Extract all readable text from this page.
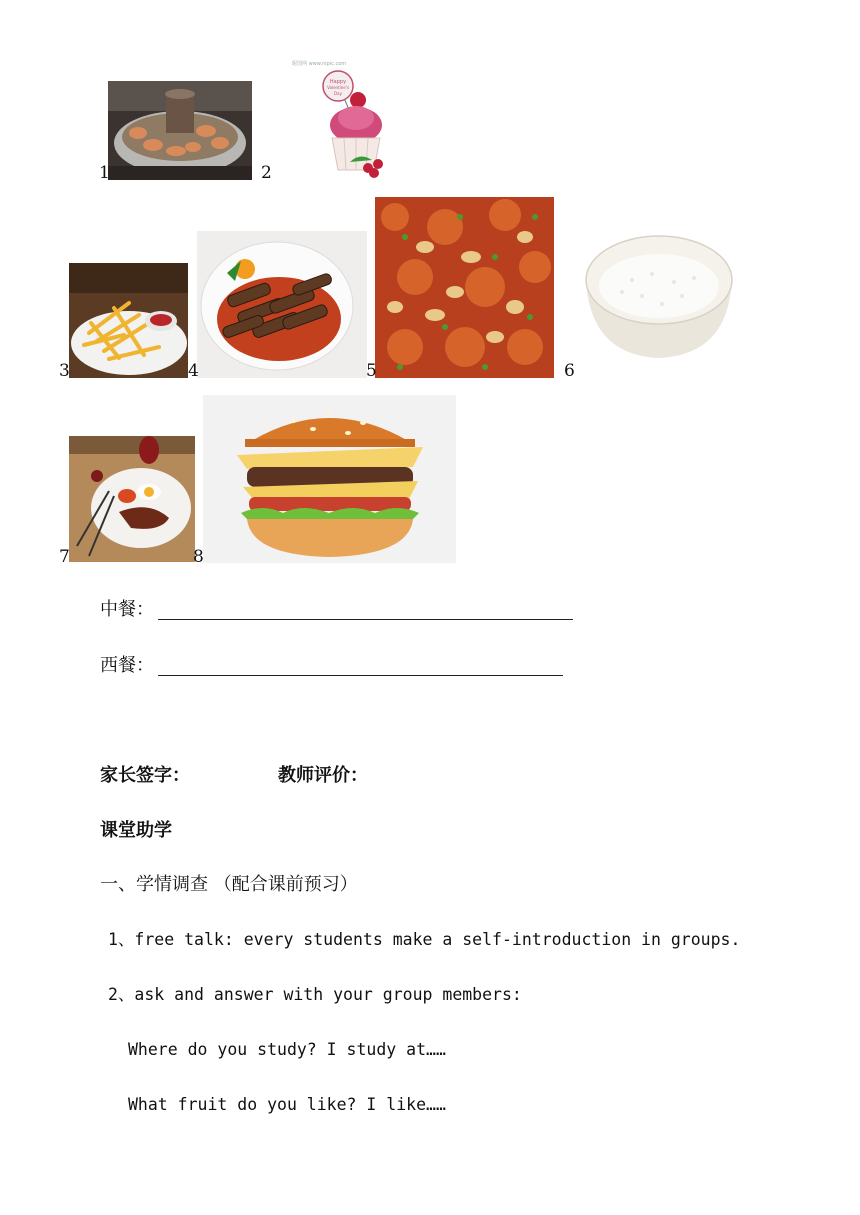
1	2
昵图网 www.nipic.com
Happy
Valentine's
Day
3	4	5	6
7	8
中餐：
西餐：
家长签字：	教师评价：
课堂助学
一、学情调查 （配合课前预习）
1、free talk: every students make a self-introduction in groups.
2、ask and answer with your group members:
Where do you study? I study at……
What fruit do you like? I like……
